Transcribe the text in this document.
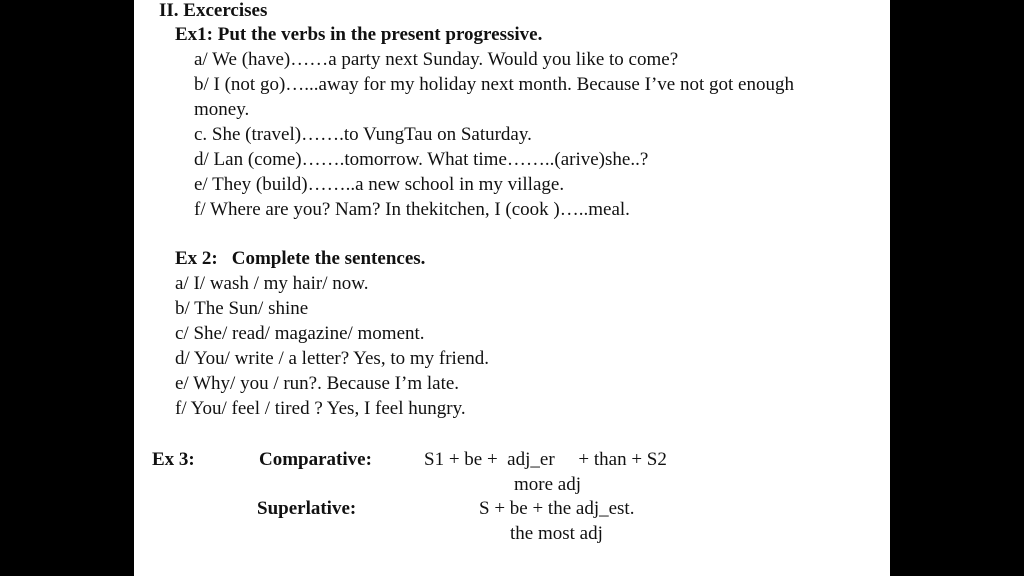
II. Excercises
Ex1: Put the verbs in the present progressive.
a/ We (have)……a party next Sunday. Would you like to come?
b/ I (not go)…...away for my holiday next month. Because I’ve not got enough
money.
c. She (travel)…….to VungTau on Saturday.
d/ Lan (come)…….tomorrow. What time……..(arive)she..?
e/ They (build)……..a new school in my village.
f/ Where are you? Nam? In thekitchen, I (cook )…..meal.
Ex 2: Complete the sentences.
a/ I/ wash / my hair/ now.
b/ The Sun/ shine
c/ She/ read/ magazine/ moment.
d/ You/ write / a letter? Yes, to my friend.
e/ Why/ you / run?. Because I’m late.
f/ You/ feel / tired ? Yes, I feel hungry.
Ex 3:	Comparative:	S1 + be +  adj_er     + than + S2
more adj
Superlative:	S + be + the adj_est.
the most adj
